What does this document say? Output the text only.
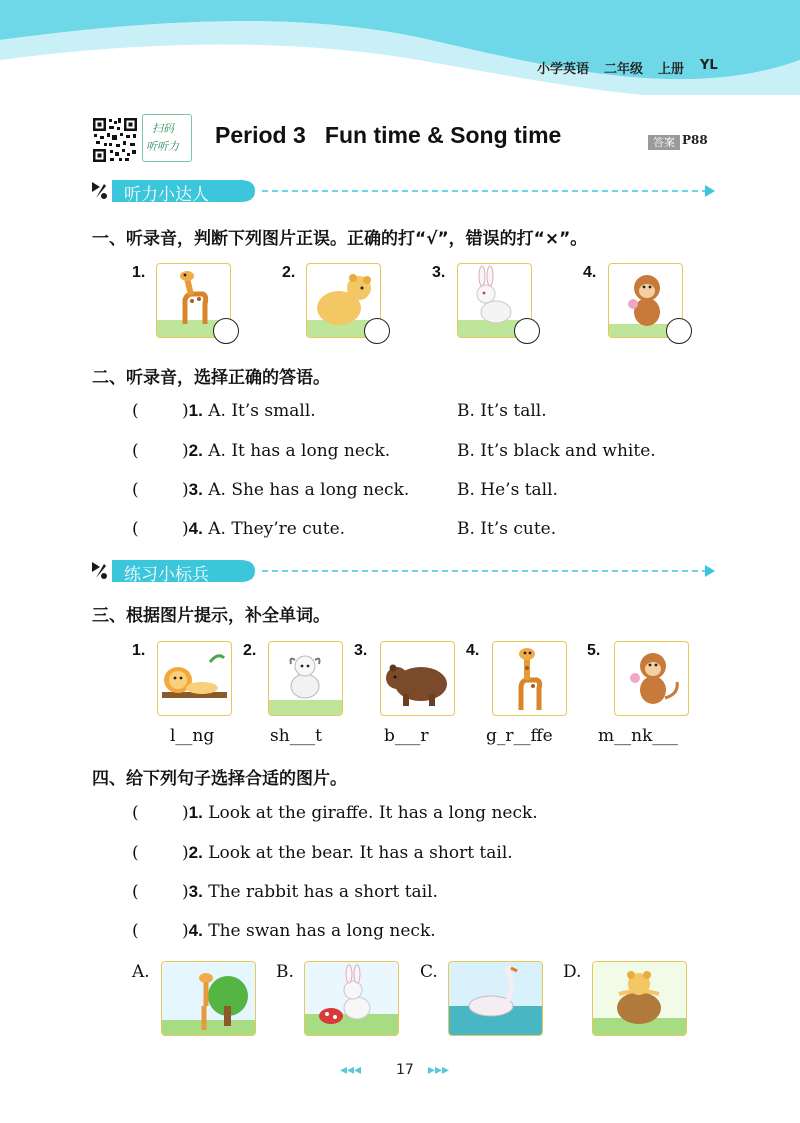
小学英语 二年级 上册 YL
扫码
听听力 Period 3   Fun time & Song time	答案 P88
听力小达人
一、听录音，判断下列图片正误。正确的打“√”，错误的打“×”。
1.	2.	3.	4.
二、听录音，选择正确的答语。
(	)1. A. It’s small.	B. It’s tall.
(	)2. A. It has a long neck.	B. It’s black and white.
(	)3. A. She has a long neck.	B. He’s tall.
(	)4. A. They’re cute.	B. It’s cute.
练习小标兵
三、根据图片提示，补全单词。
1.
l__ng
2.
sh___t
3.
b___r
4.
g_r__ffe
5.
m__nk___
四、给下列句子选择合适的图片。
(	)1. Look at the giraffe. It has a long neck.
(	)2. Look at the bear. It has a short tail.
(	)3. The rabbit has a short tail.
(	)4. The swan has a long neck.
A.	B.	C.	D.
◂◂◂ 17 ▸▸▸
